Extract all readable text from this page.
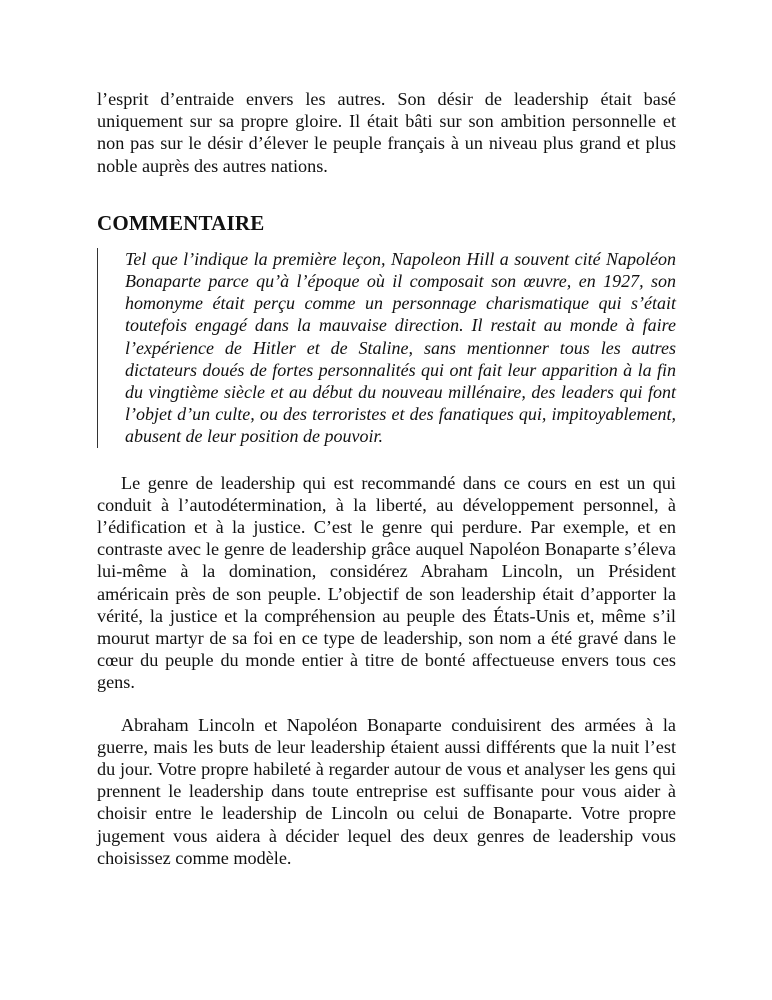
l’esprit d’entraide envers les autres. Son désir de leadership était basé uniquement sur sa propre gloire. Il était bâti sur son ambition personnelle et non pas sur le désir d’élever le peuple français à un niveau plus grand et plus noble auprès des autres nations.

COMMENTAIRE

Tel que l’indique la première leçon, Napoleon Hill a souvent cité Napoléon Bonaparte parce qu’à l’époque où il composait son œuvre, en 1927, son homonyme était perçu comme un personnage charismatique qui s’était toutefois engagé dans la mauvaise direction. Il restait au monde à faire l’expérience de Hitler et de Staline, sans mentionner tous les autres dictateurs doués de fortes personnalités qui ont fait leur apparition à la fin du vingtième siècle et au début du nouveau millénaire, des leaders qui font l’objet d’un culte, ou des terroristes et des fanatiques qui, impitoyablement, abusent de leur position de pouvoir.

Le genre de leadership qui est recommandé dans ce cours en est un qui conduit à l’autodétermination, à la liberté, au développement personnel, à l’édification et à la justice. C’est le genre qui perdure. Par exemple, et en contraste avec le genre de leadership grâce auquel Napoléon Bonaparte s’éleva lui-même à la domination, considérez Abraham Lincoln, un Président américain près de son peuple. L’objectif de son leadership était d’apporter la vérité, la justice et la compréhension au peuple des États-Unis et, même s’il mourut martyr de sa foi en ce type de leadership, son nom a été gravé dans le cœur du peuple du monde entier à titre de bonté affectueuse envers tous ces gens.

Abraham Lincoln et Napoléon Bonaparte conduisirent des armées à la guerre, mais les buts de leur leadership étaient aussi différents que la nuit l’est du jour. Votre propre habileté à regarder autour de vous et analyser les gens qui prennent le leadership dans toute entreprise est suffisante pour vous aider à choisir entre le leadership de Lincoln ou celui de Bonaparte. Votre propre jugement vous aidera à décider lequel des deux genres de leadership vous choisissez comme modèle.
